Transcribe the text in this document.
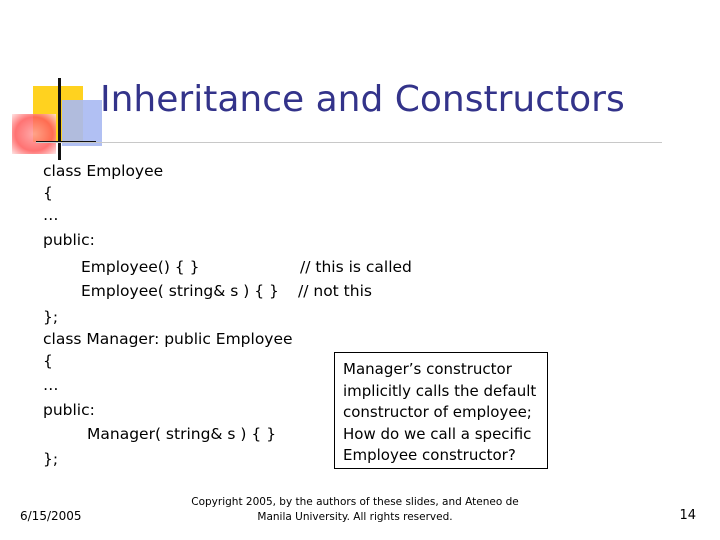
Inheritance and Constructors
class Employee
{
…
public:
Employee() { }
Employee( string& s ) { }
};
class Manager: public Employee
{
…
public:
Manager( string& s ) { }
};
// this is called
// not this
Manager’s constructor
implicitly calls the default
constructor of employee;
How do we call a specific
Employee constructor?
6/15/2005
Copyright 2005, by the authors of these slides, and Ateneo de
Manila University. All rights reserved.	14
